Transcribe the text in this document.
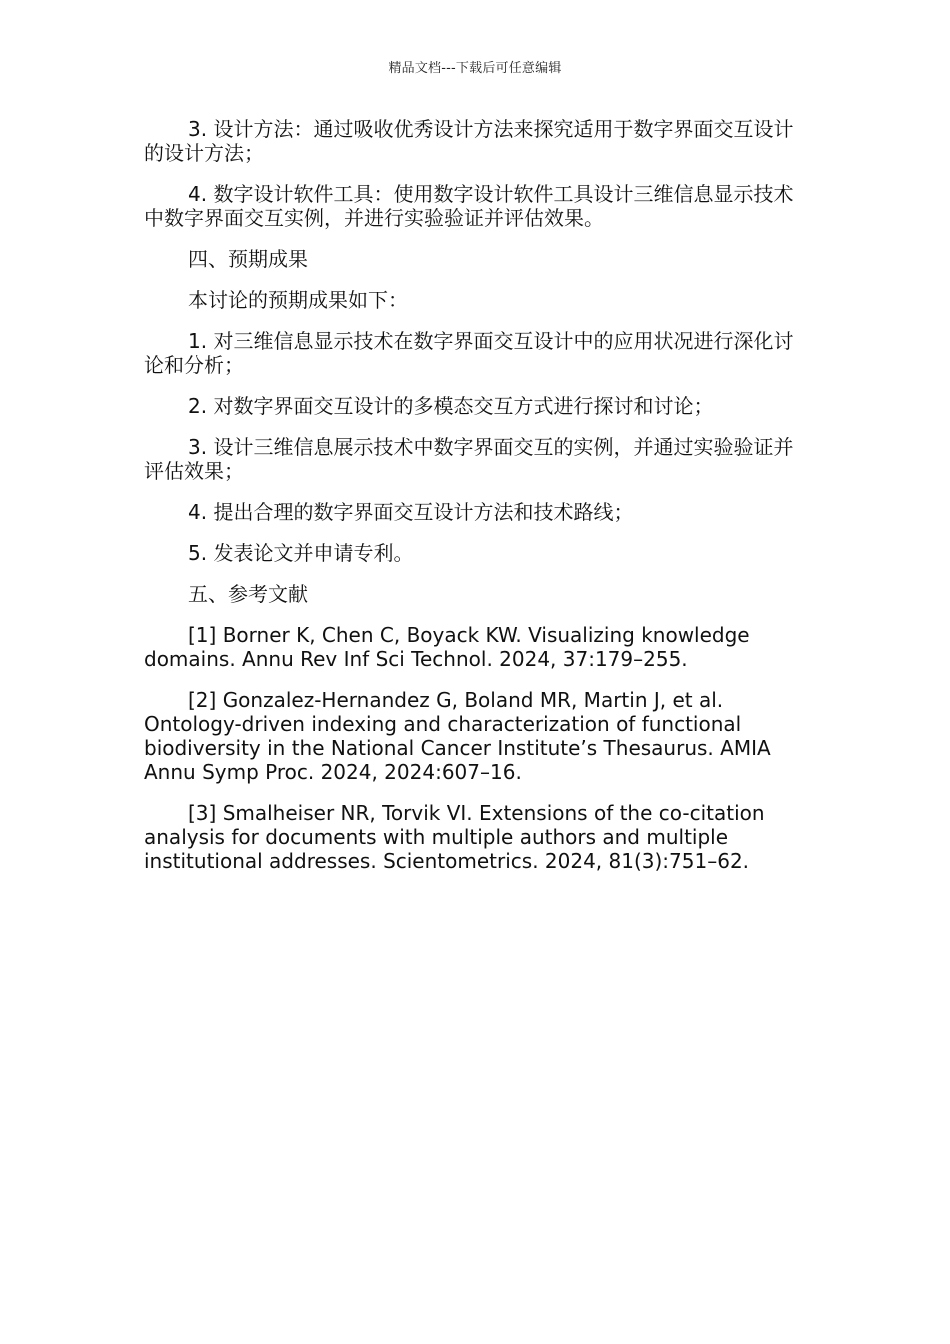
精品文档---下载后可任意编辑

3. 设计方法：通过吸收优秀设计方法来探究适用于数字界面交互设计的设计方法；

4. 数字设计软件工具：使用数字设计软件工具设计三维信息显示技术中数字界面交互实例，并进行实验验证并评估效果。

四、预期成果

本讨论的预期成果如下：

1. 对三维信息显示技术在数字界面交互设计中的应用状况进行深化讨论和分析；

2. 对数字界面交互设计的多模态交互方式进行探讨和讨论；

3. 设计三维信息展示技术中数字界面交互的实例，并通过实验验证并评估效果；

4. 提出合理的数字界面交互设计方法和技术路线；

5. 发表论文并申请专利。

五、参考文献

[1] Borner K, Chen C, Boyack KW. Visualizing knowledge domains. Annu Rev Inf Sci Technol. 2024, 37:179–255.

[2] Gonzalez-Hernandez G, Boland MR, Martin J, et al. Ontology-driven indexing and characterization of functional biodiversity in the National Cancer Institute’s Thesaurus. AMIA Annu Symp Proc. 2024, 2024:607–16.

[3] Smalheiser NR, Torvik VI. Extensions of the co-citation analysis for documents with multiple authors and multiple institutional addresses. Scientometrics. 2024, 81(3):751–62.
